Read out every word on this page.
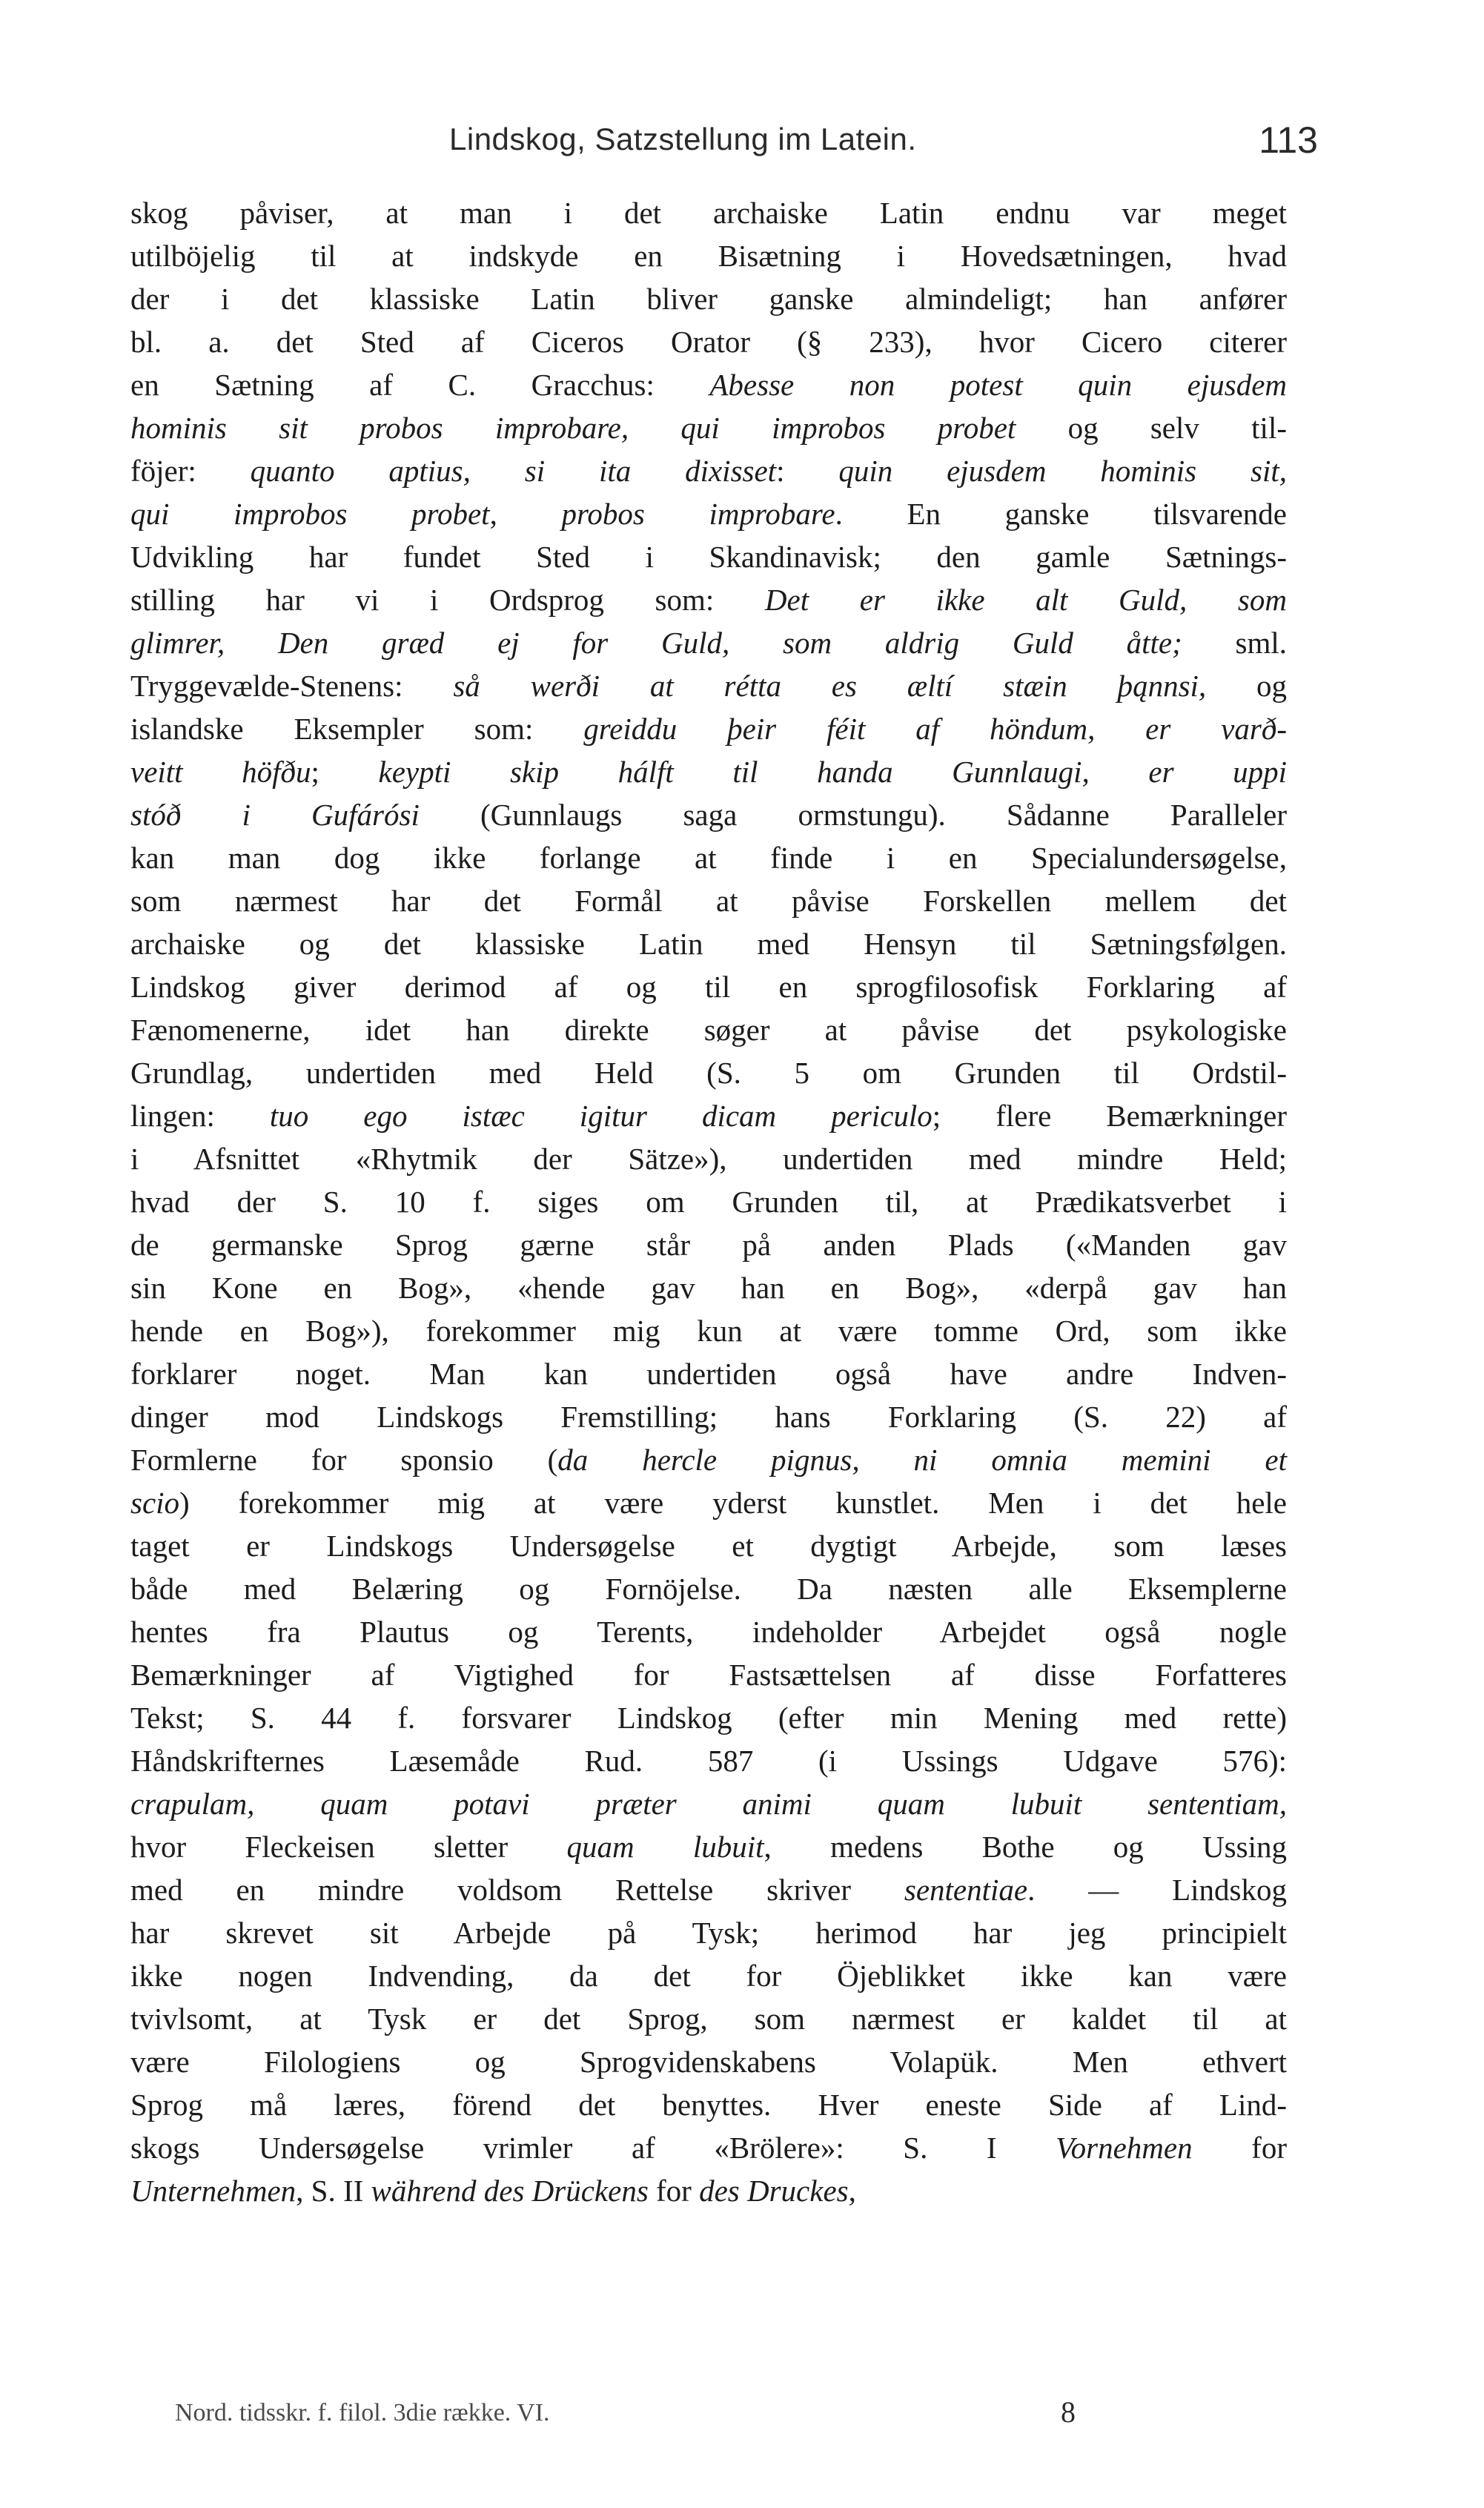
Lindskog, Satzstellung im Latein.	113
skog påviser, at man i det archaiske Latin endnu var meget
utilböjelig til at indskyde en Bisætning i Hovedsætningen, hvad
der i det klassiske Latin bliver ganske almindeligt; han anfører
bl. a. det Sted af Ciceros Orator (§ 233), hvor Cicero citerer
en Sætning af C. Gracchus: Abesse non potest quin ejusdem
hominis sit probos improbare, qui improbos probet og selv til-
föjer: quanto aptius, si ita dixisset: quin ejusdem hominis sit,
qui improbos probet, probos improbare. En ganske tilsvarende
Udvikling har fundet Sted i Skandinavisk; den gamle Sætnings-
stilling har vi i Ordsprog som: Det er ikke alt Guld, som
glimrer, Den græd ej for Guld, som aldrig Guld åtte; sml.
Tryggevælde-Stenens: så werði at rétta es æltí stæin þąnnsi, og
islandske Eksempler som: greiddu þeir féit af höndum, er varð-
veitt höfðu; keypti skip hálft til handa Gunnlaugi, er uppi
stóð i Gufárósi (Gunnlaugs saga ormstungu). Sådanne Paralleler
kan man dog ikke forlange at finde i en Specialundersøgelse,
som nærmest har det Formål at påvise Forskellen mellem det
archaiske og det klassiske Latin med Hensyn til Sætningsfølgen.
Lindskog giver derimod af og til en sprogfilosofisk Forklaring af
Fænomenerne, idet han direkte søger at påvise det psykologiske
Grundlag, undertiden med Held (S. 5 om Grunden til Ordstil-
lingen: tuo ego istæc igitur dicam periculo; flere Bemærkninger
i Afsnittet «Rhytmik der Sätze»), undertiden med mindre Held;
hvad der S. 10 f. siges om Grunden til, at Prædikatsverbet i
de germanske Sprog gærne står på anden Plads («Manden gav
sin Kone en Bog», «hende gav han en Bog», «derpå gav han
hende en Bog»), forekommer mig kun at være tomme Ord, som ikke
forklarer noget. Man kan undertiden også have andre Indven-
dinger mod Lindskogs Fremstilling; hans Forklaring (S. 22) af
Formlerne for sponsio (da hercle pignus, ni omnia memini et
scio) forekommer mig at være yderst kunstlet. Men i det hele
taget er Lindskogs Undersøgelse et dygtigt Arbejde, som læses
både med Belæring og Fornöjelse. Da næsten alle Eksemplerne
hentes fra Plautus og Terents, indeholder Arbejdet også nogle
Bemærkninger af Vigtighed for Fastsættelsen af disse Forfatteres
Tekst; S. 44 f. forsvarer Lindskog (efter min Mening med rette)
Håndskrifternes Læsemåde Rud. 587 (i Ussings Udgave 576):
crapulam, quam potavi præter animi quam lubuit sententiam,
hvor Fleckeisen sletter quam lubuit, medens Bothe og Ussing
med en mindre voldsom Rettelse skriver sententiae. — Lindskog
har skrevet sit Arbejde på Tysk; herimod har jeg principielt
ikke nogen Indvending, da det for Öjeblikket ikke kan være
tvivlsomt, at Tysk er det Sprog, som nærmest er kaldet til at
være Filologiens og Sprogvidenskabens Volapük. Men ethvert
Sprog må læres, förend det benyttes. Hver eneste Side af Lind-
skogs Undersøgelse vrimler af «Brölere»: S. I Vornehmen for
Unternehmen, S. II während des Drückens for des Druckes,
Nord. tidsskr. f. filol. 3die række. VI.	8
